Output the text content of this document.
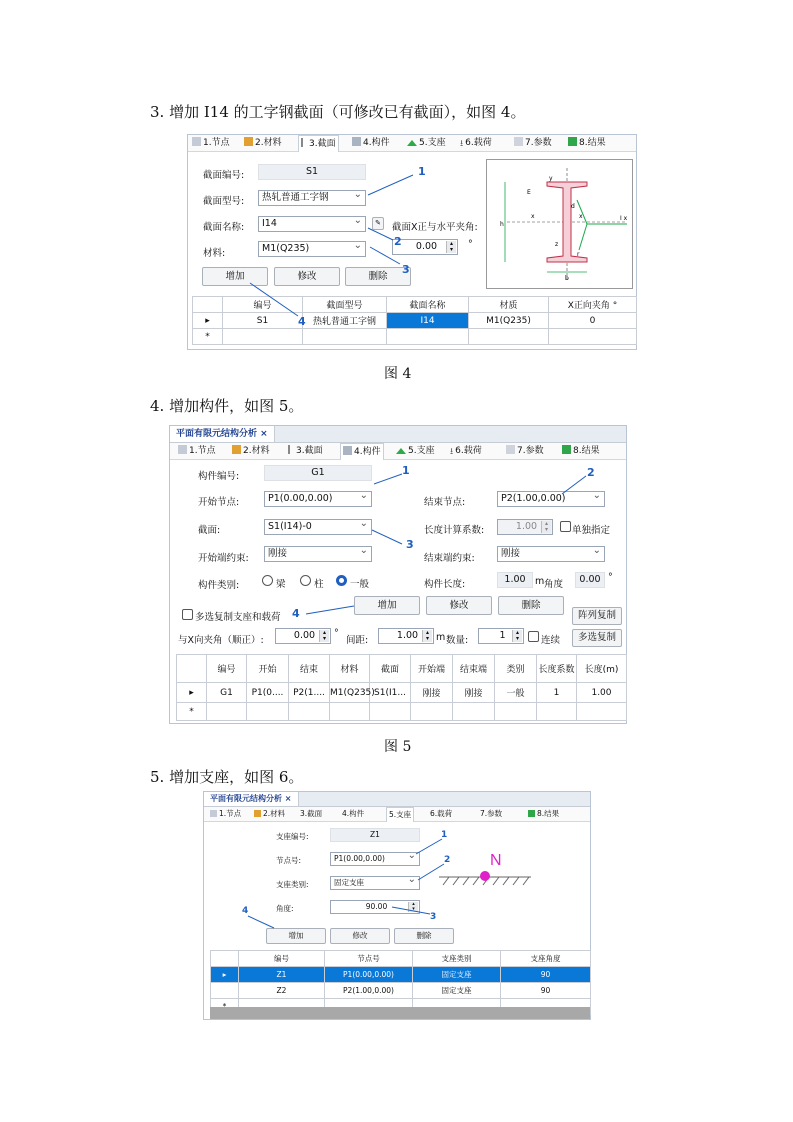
3. 增加 I14 的工字钢截面（可修改已有截面），如图 4。
4. 增加构件，如图 5。
5. 增加支座，如图 6。
图 4
图 5
1.节点	2.材料	3.截面	4.构件	5.支座 ⭳ 6.载荷	7.参数	8.结果
截面编号:	S1
截面型号:	热轧普通工字钢 ⌄
截面名称:	I14 ⌄	✎	截面X正与水平夹角:
0.00	▴
▾	°
材料:	M1(Q235) ⌄
增加	修改	删除
y
x	x	I x
h
b
d
E
z
r
	编号	截面型号	截面名称	材质	X正向夹角 °
▸	S1	热轧普通工字钢	I14	M1(Q235)	0
*					
1
2
3
4
平面有限元结构分析 ×
1.节点	2.材料	3.截面	4.构件	5.支座 ⭳ 6.载荷	7.参数	8.结果
构件编号:	G1
开始节点:	P1(0.00,0.00) ⌄	结束节点:	P2(1.00,0.00) ⌄
截面:	S1(I14)-0 ⌄	长度计算系数:	1.00	▴
▾	单独指定
开始端约束:	刚接 ⌄	结束端约束:	刚接 ⌄
构件类别:	梁	柱	一般	构件长度:	1.00 m 角度	0.00 °
多选复制支座和载荷
增加	修改	删除
阵列复制
多选复制
与X向夹角（顺正）:	0.00	▴
▾ °
间距:	1.00	▴
▾ m 数量:	1	▴
▾	连续
	编号	开始	结束	材料	截面	开始端	结束端	类别	长度系数	长度(m)
▸	G1	P1(0....	P2(1....	M1(Q235)	S1(I1...	刚接	刚接	一般	1	1.00
*										
1	2
3
4
平面有限元结构分析 ×
1.节点	2.材料 3.截面	4.构件	5.支座	6.载荷	7.参数	8.结果
支座编号:	Z1
节点号:	P1(0.00,0.00) ⌄
支座类别:	固定支座 ⌄
角度:	90.00	▴
▾
N
增加	修改	删除
	编号	节点号	支座类别	支座角度
▸	Z1	P1(0.00,0.00)	固定支座	90
	Z2	P2(1.00,0.00)	固定支座	90

1
2
3
4
